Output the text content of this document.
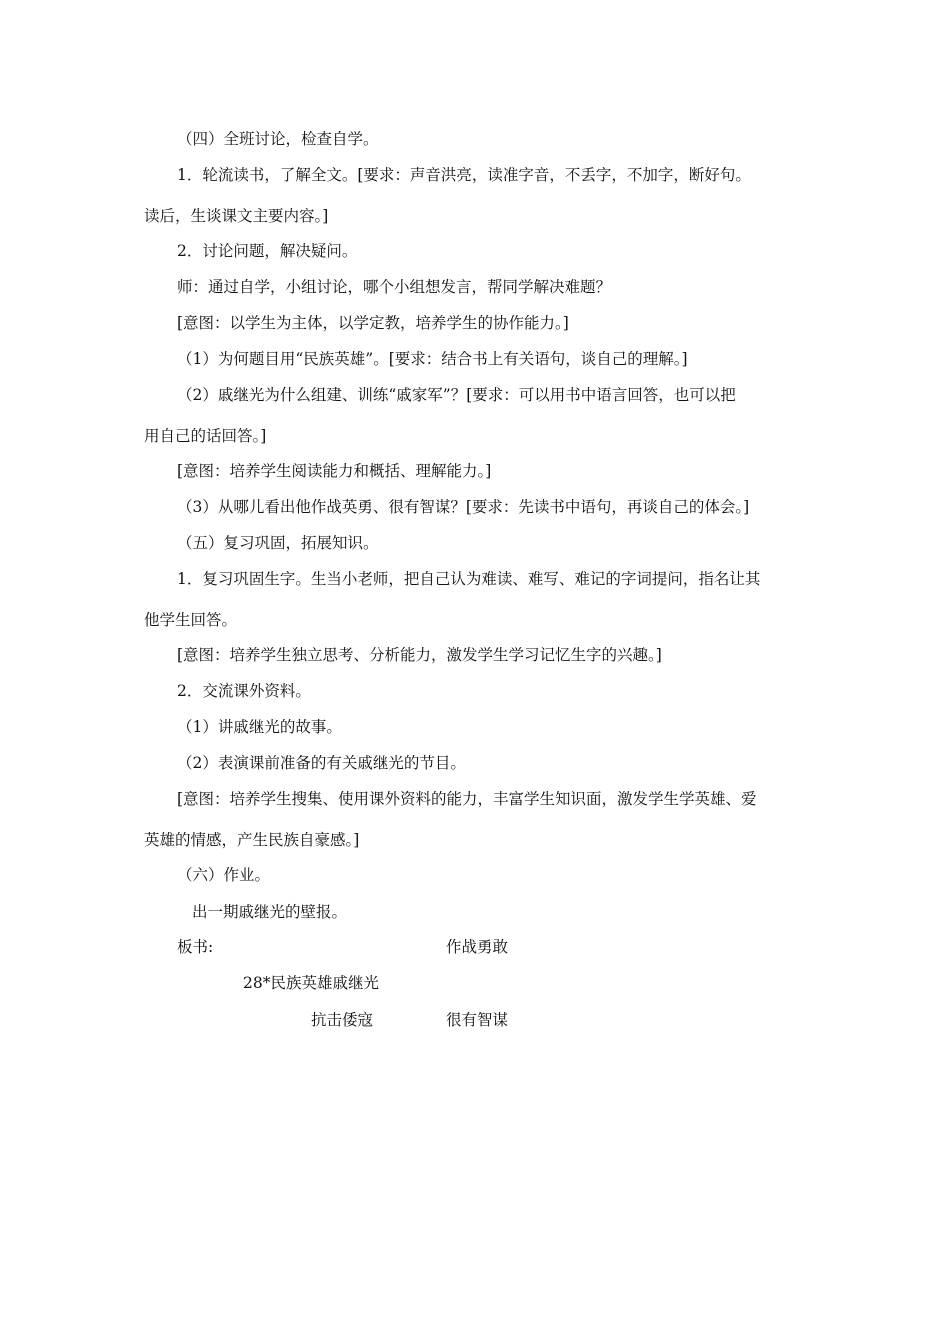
（四）全班讨论，检查自学。
1．轮流读书，了解全文。[要求：声音洪亮，读准字音，不丢字，不加字，断好句。
读后，生谈课文主要内容。]
2．讨论问题，解决疑问。
师：通过自学，小组讨论，哪个小组想发言，帮同学解决难题？
[意图：以学生为主体，以学定教，培养学生的协作能力。]
（1）为何题目用“民族英雄”。[要求：结合书上有关语句，谈自己的理解。]
（2）戚继光为什么组建、训练“戚家军”？[要求：可以用书中语言回答，也可以把
用自己的话回答。]
[意图：培养学生阅读能力和概括、理解能力。]
（3）从哪儿看出他作战英勇、很有智谋？[要求：先读书中语句，再谈自己的体会。]
（五）复习巩固，拓展知识。
1．复习巩固生字。生当小老师，把自己认为难读、难写、难记的字词提问，指名让其
他学生回答。
[意图：培养学生独立思考、分析能力，激发学生学习记忆生字的兴趣。]
2．交流课外资料。
（1）讲戚继光的故事。
（2）表演课前准备的有关戚继光的节目。
[意图：培养学生搜集、使用课外资料的能力，丰富学生知识面，激发学生学英雄、爱
英雄的情感，产生民族自豪感。]
（六）作业。
出一期戚继光的壁报。
板书:	作战勇敢
28*民族英雄戚继光
抗击倭寇	很有智谋
